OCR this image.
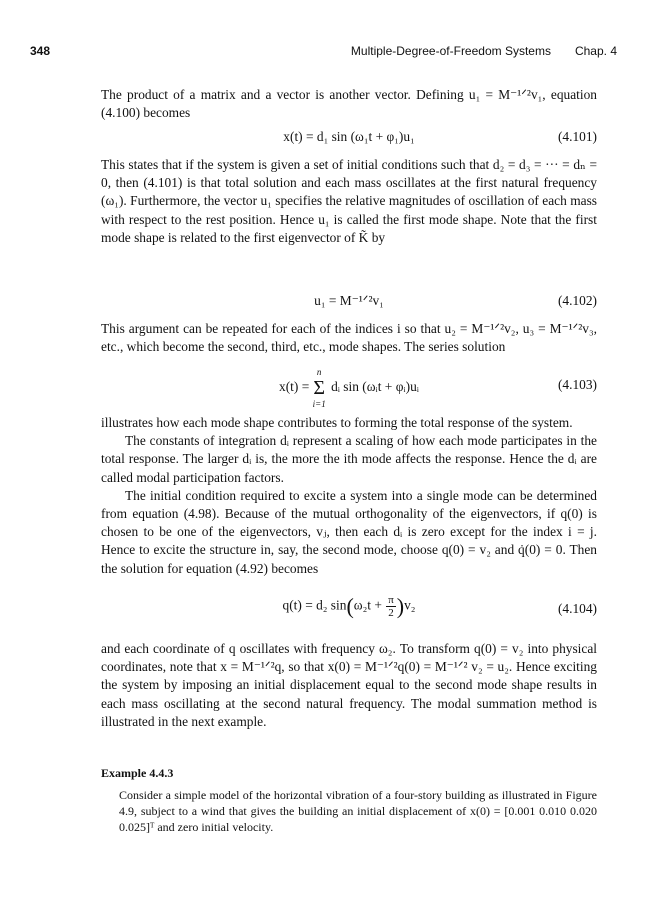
348	Multiple-Degree-of-Freedom Systems Chap. 4

The product of a matrix and a vector is another vector. Defining u₁ = M⁻¹ᐟ²v₁, equation (4.100) becomes

x(t) = d₁ sin (ω₁t + φ₁)u₁	(4.101)

This states that if the system is given a set of initial conditions such that d₂ = d₃ = ··· = dₙ = 0, then (4.101) is that total solution and each mass oscillates at the first natural frequency (ω₁). Furthermore, the vector u₁ specifies the relative magnitudes of oscillation of each mass with respect to the rest position. Hence u₁ is called the first mode shape. Note that the first mode shape is related to the first eigenvector of K̃ by

u₁ = M⁻¹ᐟ²v₁	(4.102)

This argument can be repeated for each of the indices i so that u₂ = M⁻¹ᐟ²v₂, u₃ = M⁻¹ᐟ²v₃, etc., which become the second, third, etc., mode shapes. The series solution

x(t) =
n
Σ
i=1
dᵢ sin (ωᵢt + φᵢ)uᵢ	(4.103)

illustrates how each mode shape contributes to forming the total response of the system.

The constants of integration dᵢ represent a scaling of how each mode participates in the total response. The larger dᵢ is, the more the ith mode affects the response. Hence the dᵢ are called modal participation factors.

The initial condition required to excite a system into a single mode can be determined from equation (4.98). Because of the mutual orthogonality of the eigenvectors, if q(0) is chosen to be one of the eigenvectors, vⱼ, then each dᵢ is zero except for the index i = j. Hence to excite the structure in, say, the second mode, choose q(0) = v₂ and q̇(0) = 0. Then the solution for equation (4.92) becomes

q(t) = d₂ $\sin(\omega_2t + \frac{\pi}{2} )v_2$	(4.104)

and each coordinate of q oscillates with frequency ω₂. To transform q(0) = v₂ into physical coordinates, note that x = M⁻¹ᐟ²q, so that x(0) = M⁻¹ᐟ²q(0) = M⁻¹ᐟ² v₂ = u₂. Hence exciting the system by imposing an initial displacement equal to the second mode shape results in each mass oscillating at the second natural frequency. The modal summation method is illustrated in the next example.

Example 4.4.3
Consider a simple model of the horizontal vibration of a four-story building as illustrated in Figure 4.9, subject to a wind that gives the building an initial displacement of x(0) = [0.001 0.010 0.020 0.025]ᵀ and zero initial velocity.
